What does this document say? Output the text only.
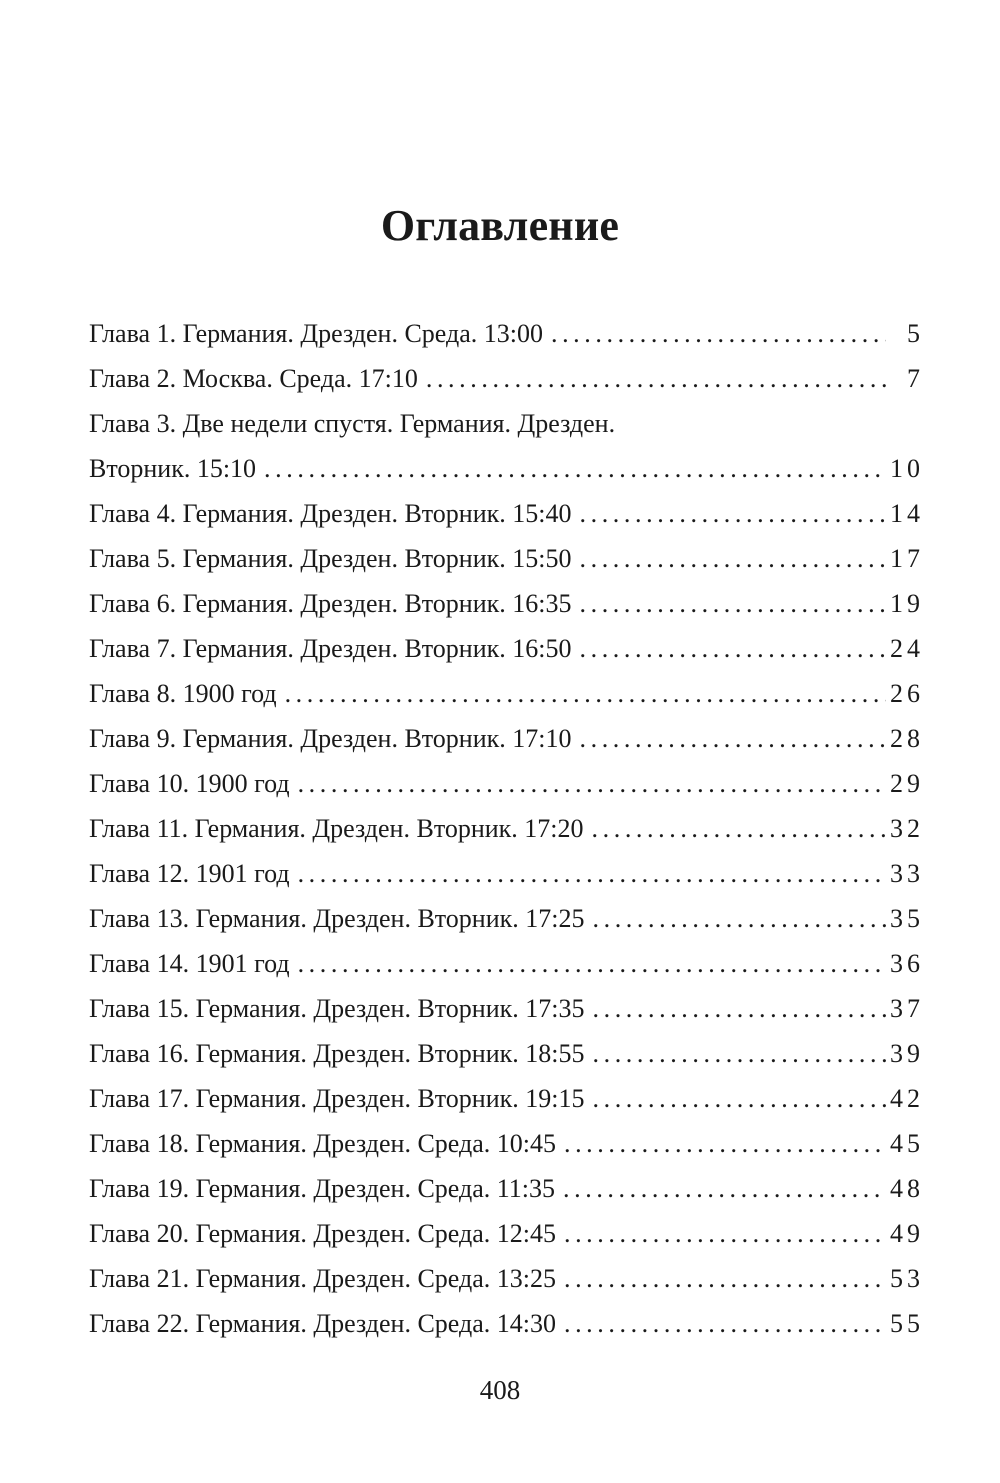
Оглавление
Глава 1. Германия. Дрезден. Среда. 13:00 .....	5
Глава 2. Москва. Среда. 17:10 .....	7
Глава 3. Две недели спустя. Германия. Дрезден.
Вторник. 15:10 .....	10
Глава 4. Германия. Дрезден. Вторник. 15:40 .....	14
Глава 5. Германия. Дрезден. Вторник. 15:50 .....	17
Глава 6. Германия. Дрезден. Вторник. 16:35 .....	19
Глава 7. Германия. Дрезден. Вторник. 16:50 .....	24
Глава 8. 1900 год .....	26
Глава 9. Германия. Дрезден. Вторник. 17:10 .....	28
Глава 10. 1900 год .....	29
Глава 11. Германия. Дрезден. Вторник. 17:20 .....	32
Глава 12. 1901 год .....	33
Глава 13. Германия. Дрезден. Вторник. 17:25 .....	35
Глава 14. 1901 год .....	36
Глава 15. Германия. Дрезден. Вторник. 17:35 .....	37
Глава 16. Германия. Дрезден. Вторник. 18:55 .....	39
Глава 17. Германия. Дрезден. Вторник. 19:15 .....	42
Глава 18. Германия. Дрезден. Среда. 10:45 .....	45
Глава 19. Германия. Дрезден. Среда. 11:35 .....	48
Глава 20. Германия. Дрезден. Среда. 12:45 .....	49
Глава 21. Германия. Дрезден. Среда. 13:25 .....	53
Глава 22. Германия. Дрезден. Среда. 14:30 .....	55
408
